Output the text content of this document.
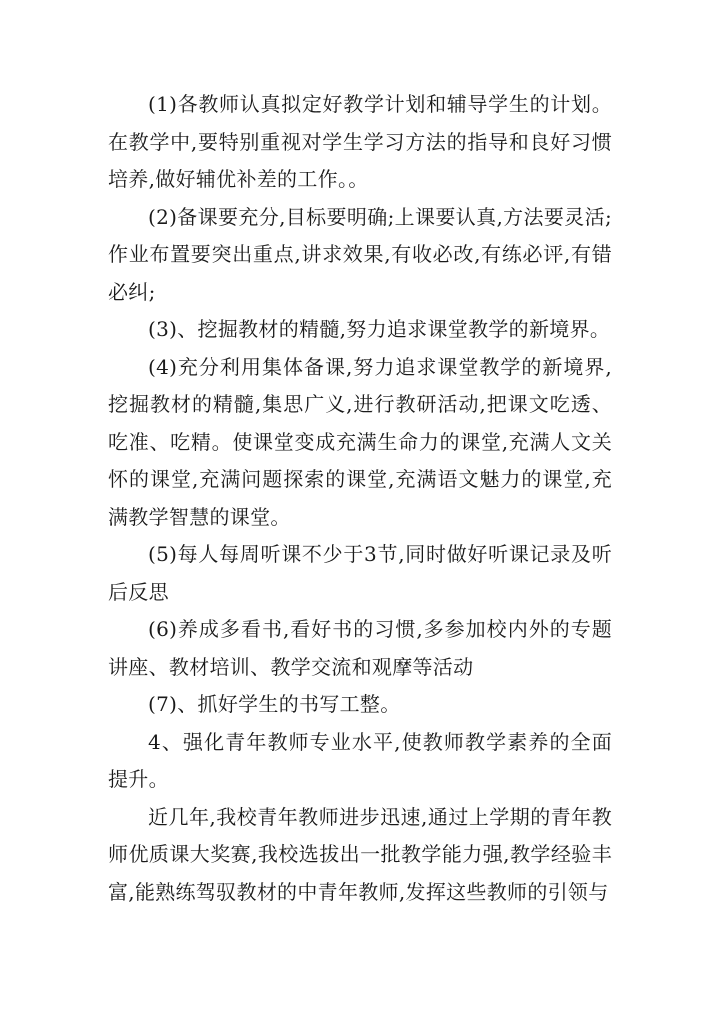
(1)各教师认真拟定好教学计划和辅导学生的计划。在教学中,要特别重视对学生学习方法的指导和良好习惯培养,做好辅优补差的工作。。

(2)备课要充分,目标要明确;上课要认真,方法要灵活;作业布置要突出重点,讲求效果,有收必改,有练必评,有错必纠;

(3)、挖掘教材的精髓,努力追求课堂教学的新境界。

(4)充分利用集体备课,努力追求课堂教学的新境界,挖掘教材的精髓,集思广义,进行教研活动,把课文吃透、吃准、吃精。使课堂变成充满生命力的课堂,充满人文关怀的课堂,充满问题探索的课堂,充满语文魅力的课堂,充满教学智慧的课堂。

(5)每人每周听课不少于3节,同时做好听课记录及听后反思

(6)养成多看书,看好书的习惯,多参加校内外的专题讲座、教材培训、教学交流和观摩等活动

(7)、抓好学生的书写工整。

4、强化青年教师专业水平,使教师教学素养的全面提升。

近几年,我校青年教师进步迅速,通过上学期的青年教师优质课大奖赛,我校选拔出一批教学能力强,教学经验丰富,能熟练驾驭教材的中青年教师,发挥这些教师的引领与
